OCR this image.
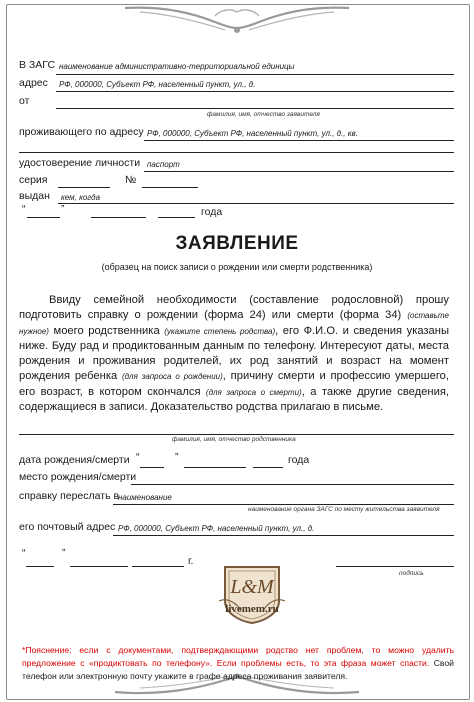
В ЗАГС наименование административно-территориальной единицы
адрес РФ, 000000, Субъект РФ, населенный пункт, ул., д.
от
фамилия, имя, отчество заявителя
проживающего по адресу РФ, 000000, Субъект РФ, населенный пункт, ул., д., кв.
удостоверение личности паспорт
серия	№
выдан кем, когда
“	”	года
ЗАЯВЛЕНИЕ
(образец на поиск записи о рождении или смерти родственника)
Ввиду семейной необходимости (составление родословной) прошу подготовить справку о рождении (форма 24) или смерти (форма 34) (оставьте нужное) моего родственника (укажите степень родства), его Ф.И.О. и сведения указаны ниже. Буду рад и продиктованным данным по телефону. Интересуют даты, места рождения и проживания родителей, их род занятий и возраст на момент рождения ребенка (для запроса о рождении), причину смерти и профессию умершего, его возраст, в котором скончался (для запроса о смерти), а также другие сведения, содержащиеся в записи. Доказательство родства прилагаю в письме.
фамилия, имя, отчество родственника
дата рождения/смерти “	”	года
место рождения/смерти
справку переслать в
наименование
наименование органа ЗАГС по месту жительства заявителя
его почтовый адрес РФ, 000000, Субъект РФ, населенный пункт, ул., д.
“	”
г.
подпись
L&M
livemem.ru
*Пояснение: если с документами, подтверждающими родство нет проблем, то можно удалить предложение с «продиктовать по телефону». Если проблемы есть, то эта фраза может спасти. Свой телефон или электронную почту укажите в графе адреса проживания заявителя.
